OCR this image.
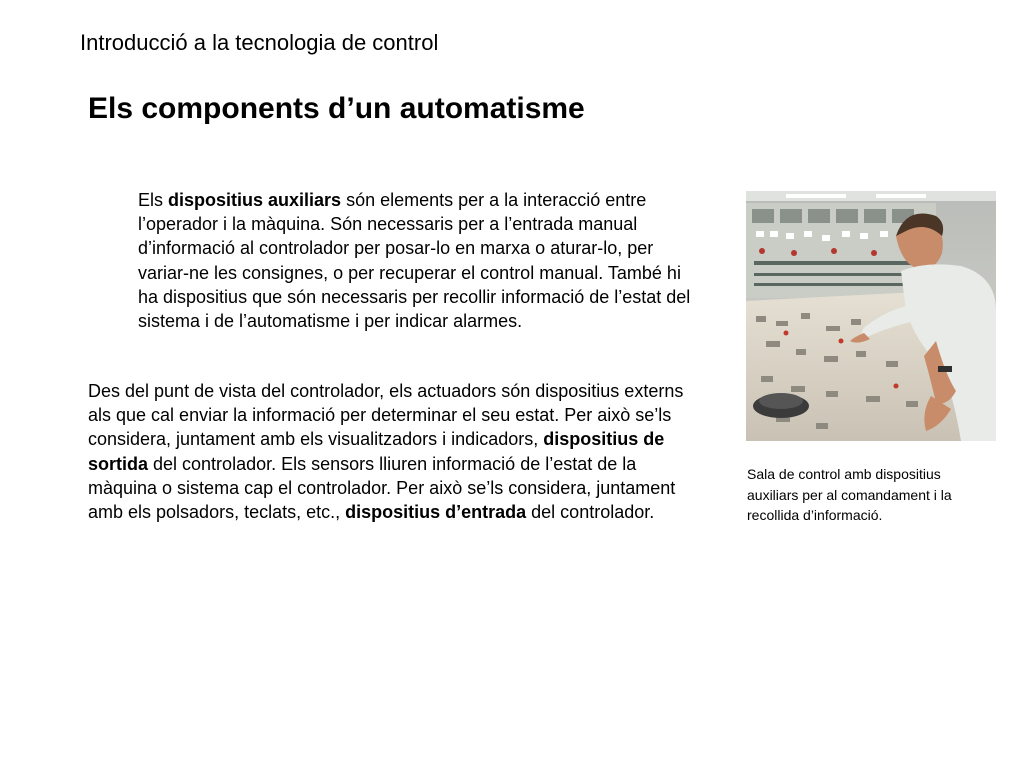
Introducció a la tecnologia de control
Els components d’un automatisme

Els dispositius auxiliars són elements per a la interacció entre l’operador i la màquina. Són necessaris per a l’entrada manual d’informació al controlador per posar-lo en marxa o aturar-lo, per variar-ne les consignes, o per recuperar el control manual. També hi ha dispositius que són necessaris per recollir informació de l’estat del sistema i de l’automatisme i per indicar alarmes.

Des del punt de vista del controlador, els actuadors són dispositius externs als que cal enviar la informació per determinar el seu estat. Per això se’ls considera, juntament amb els visualitzadors i indicadors, dispositius de sortida del controlador. Els sensors lliuren informació de l’estat de la màquina o sistema cap el controlador. Per això se’ls considera, juntament amb els polsadors, teclats, etc., dispositius d’entrada del controlador.

Sala de control amb dispositius auxiliars per al comandament i la recollida d’informació.
